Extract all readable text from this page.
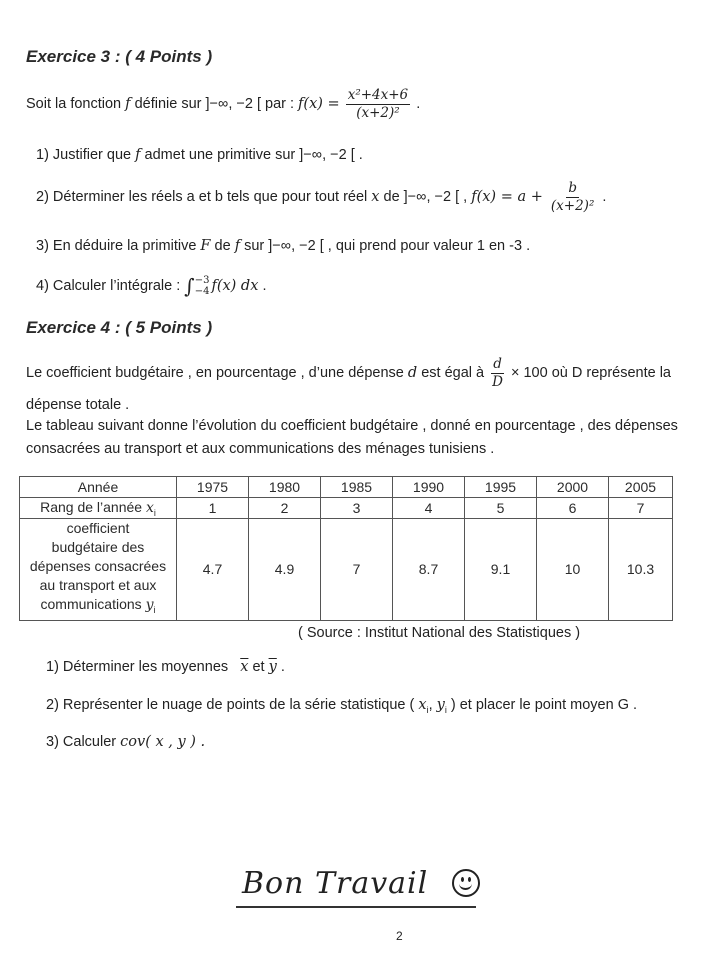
Exercice 3 : ( 4 Points )
Soit la fonction f définie sur ]−∞, −2 [ par : $f(x) = \frac{\text{x²+4x+6}}{\text{(x+2)²}}$ .
1) Justifier que f admet une primitive sur ]−∞, −2 [ .
2) Déterminer les réels a et b tels que pour tout réel x de ]−∞, −2 [ , $f(x) = a + \frac{b}{\text{(x+2)²}}$ .
3) En déduire la primitive F de f sur ]−∞, −2 [ , qui prend pour valeur 1 en -3 .
4) Calculer l’intégrale : ∫ −3
−4 f(x) dx .
Exercice 4 : ( 5 Points )
Le coefficient budgétaire , en pourcentage , d’une dépense d est égal à $\frac{d}{D} \times 100$ où D représente la
dépense totale .
Le tableau suivant donne l’évolution du coefficient budgétaire , donné en pourcentage , des dépenses
consacrées au transport et aux communications des ménages tunisiens .
Année	1975	1980	1985	1990	1995	2000	2005
Rang de l’année $x_i$	1	2	3	4	5	6	7

coefficient
budgétaire des
dépenses consacrées
au transport et aux
communications $y_i$	4.7	4.9	7	8.7	9.1	10	10.3
( Source : Institut National des Statistiques )
1) Déterminer les moyennes $\overline{x}$ et $\overline{y}$ .
2) Représenter le nuage de points de la série statistique ( $x_i$, $y_i$ ) et placer le point moyen G .
3) Calculer cov( x , y ) .
Bon Travail
2
